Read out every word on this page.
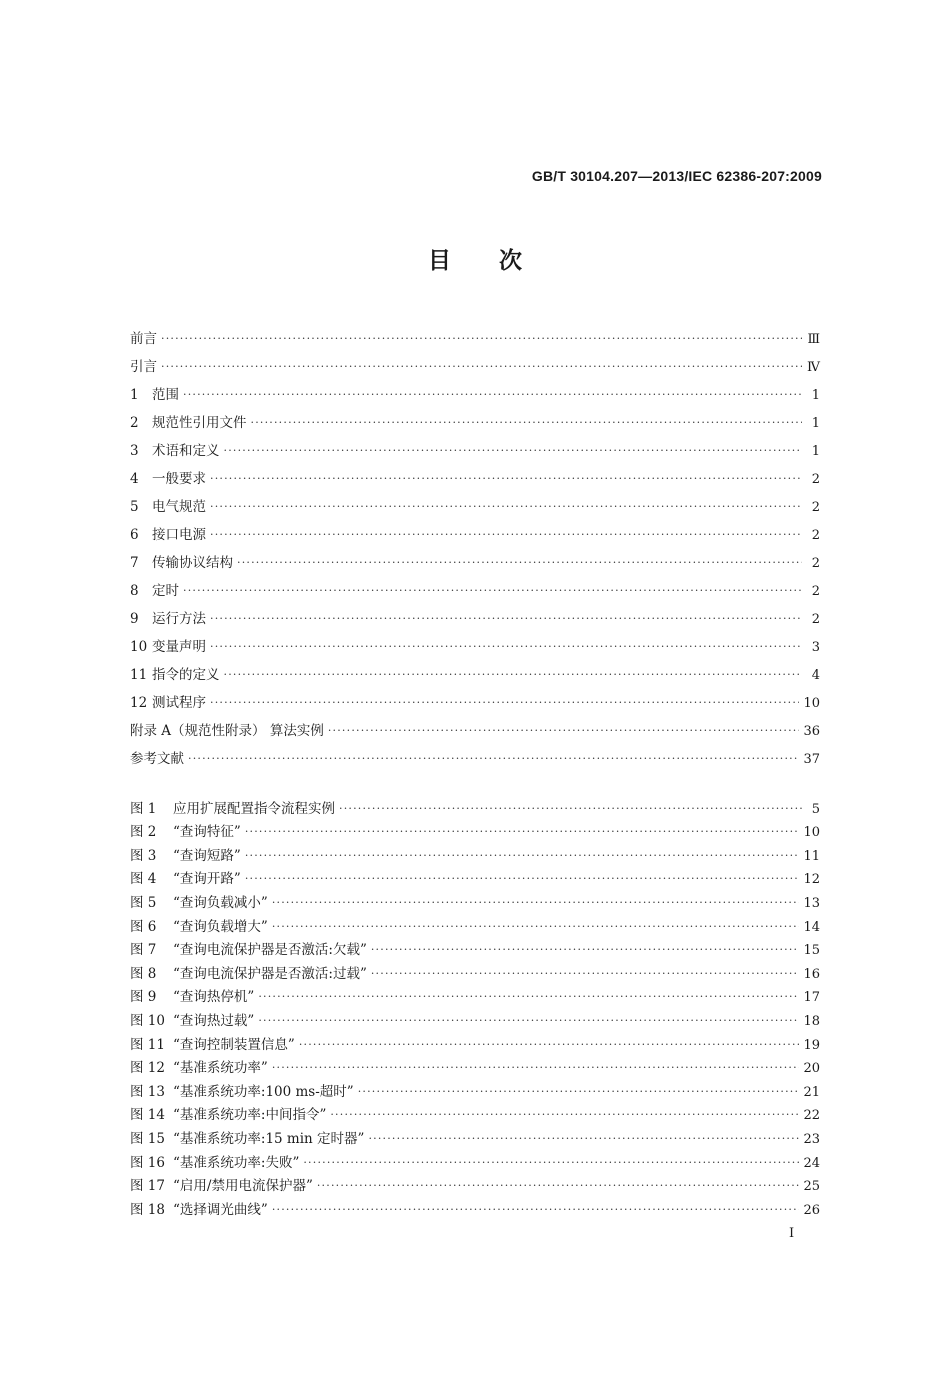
GB/T 30104.207—2013/IEC 62386-207:2009
目次
前言 ·····	Ⅲ
引言 ·····	Ⅳ
1 范围 ·····	1
2 规范性引用文件 ·····	1
3 术语和定义 ·····	1
4 一般要求 ·····	2
5 电气规范 ·····	2
6 接口电源 ·····	2
7 传输协议结构 ·····	2
8 定时 ·····	2
9 运行方法 ·····	2
10 变量声明 ·····	3
11 指令的定义 ·····	4
12 测试程序 ·····	10
附录 A（规范性附录） 算法实例 ·····	36
参考文献 ·····	37
图 1 应用扩展配置指令流程实例 ·····	5
图 2 “查询特征” ·····	10
图 3 “查询短路” ·····	11
图 4 “查询开路” ·····	12
图 5 “查询负载减小” ·····	13
图 6 “查询负载增大” ·····	14
图 7 “查询电流保护器是否激活:欠载” ·····	15
图 8 “查询电流保护器是否激活:过载” ·····	16
图 9 “查询热停机” ·····	17
图 10 “查询热过载” ·····	18
图 11 “查询控制装置信息” ·····	19
图 12 “基准系统功率” ·····	20
图 13 “基准系统功率:100 ms-超时” ·····	21
图 14 “基准系统功率:中间指令” ·····	22
图 15 “基准系统功率:15 min 定时器” ·····	23
图 16 “基准系统功率:失败” ·····	24
图 17 “启用/禁用电流保护器” ·····	25
图 18 “选择调光曲线” ·····	26
Ⅰ
